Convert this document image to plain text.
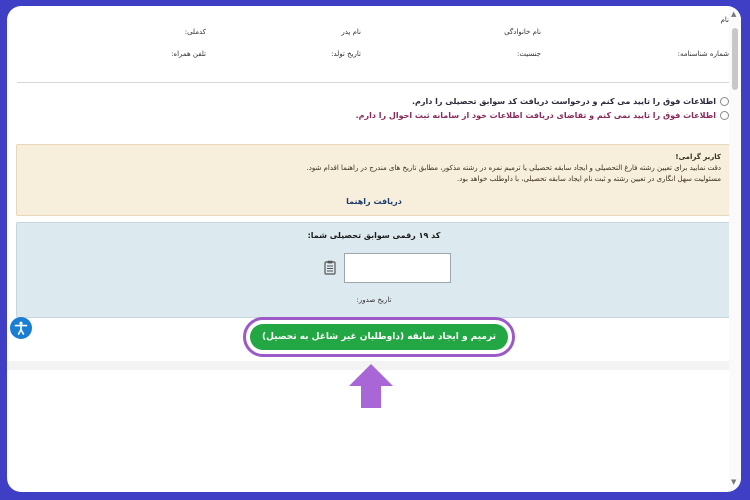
نام
نام خانوادگی
نام پدر
کدملی:
شماره شناسنامه:
جنسیت:
تاریخ تولد:
تلفن همراه:
اطلاعات فوق را تایید می کنم و درخواست دریافت کد سوابق تحصیلی را دارم.
اطلاعات فوق را تایید نمی کنم و تقاضای دریافت اطلاعات خود از سامانه ثبت احوال را دارم.
کاربر گرامی!
دقت نمایید برای تعیین رشته فارغ التحصیلی و ایجاد سابقه تحصیلی یا ترمیم نمره در رشته مذکور، مطابق تاریخ های مندرج در راهنما اقدام شود.
مسئولیت سهل انگاری در تعیین رشته و ثبت نام ایجاد سابقه تحصیلی، با داوطلب خواهد بود.
دریافت راهنما
کد ۱۹ رقمی سوابق تحصیلی شما:
تاریخ صدور:
ترمیم و ایجاد سابقه (داوطلبان غیر شاغل به تحصیل)
▲
▼
